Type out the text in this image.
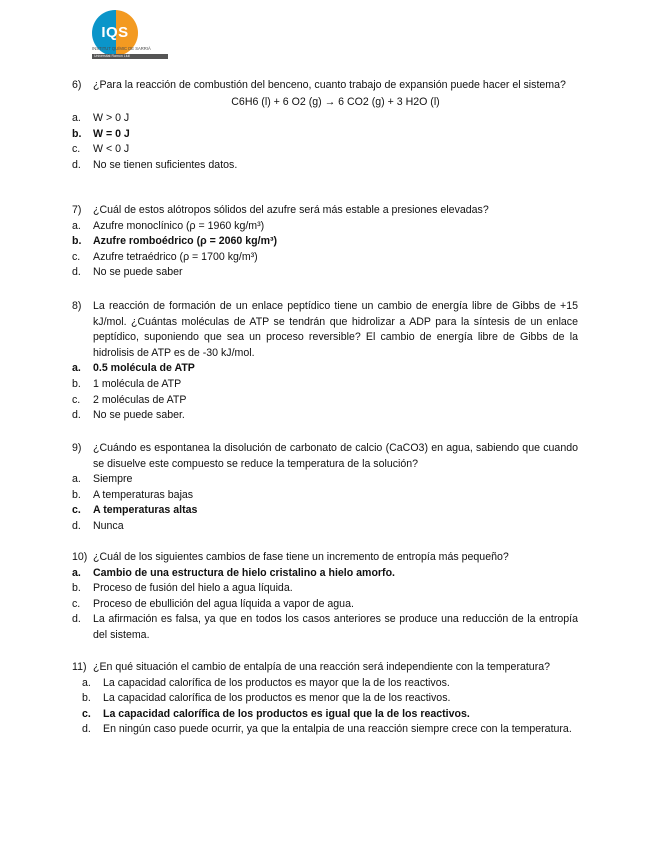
IQS
INSTITUT QUÍMIC DE SARRIÀ
Universitat Ramon Llull
6)	¿Para la reacción de combustión del benceno, cuanto trabajo de expansión puede hacer el sistema?
C6H6 (l) + 6 O2 (g) → 6 CO2 (g) + 3 H2O (l)
a.	W > 0 J
b.	W = 0 J
c.	W < 0 J
d.	No se tienen suficientes datos.
7)	¿Cuál de estos alótropos sólidos del azufre será más estable a presiones elevadas?
a.	Azufre monoclínico (ρ = 1960 kg/m³)
b.	Azufre romboédrico (ρ = 2060 kg/m³)
c.	Azufre tetraédrico (ρ = 1700 kg/m³)
d.	No se puede saber
8)	La reacción de formación de un enlace peptídico tiene un cambio de energía libre de Gibbs de +15 kJ/mol. ¿Cuántas moléculas de ATP se tendrán que hidrolizar a ADP para la síntesis de un enlace peptídico, suponiendo que sea un proceso reversible? El cambio de energía libre de Gibbs de la hidrolisis de ATP es de -30 kJ/mol.
a.	0.5 molécula de ATP
b.	1 molécula de ATP
c.	2 moléculas de ATP
d.	No se puede saber.
9)	¿Cuándo es espontanea la disolución de carbonato de calcio (CaCO3) en agua, sabiendo que cuando se disuelve este compuesto se reduce la temperatura de la solución?
a.	Siempre
b.	A temperaturas bajas
c.	A temperaturas altas
d.	Nunca
10) ¿Cuál de los siguientes cambios de fase tiene un incremento de entropía más pequeño?
a.	Cambio de una estructura de hielo cristalino a hielo amorfo.
b.	Proceso de fusión del hielo a agua líquida.
c.	Proceso de ebullición del agua líquida a vapor de agua.
d.	La afirmación es falsa, ya que en todos los casos anteriores se produce una reducción de la entropía del sistema.
11) ¿En qué situación el cambio de entalpía de una reacción será independiente con la temperatura?
a.	La capacidad calorífica de los productos es mayor que la de los reactivos.
b.	La capacidad calorífica de los productos es menor que la de los reactivos.
c.	La capacidad calorífica de los productos es igual que la de los reactivos.
d.	En ningún caso puede ocurrir, ya que la entalpia de una reacción siempre crece con la temperatura.
